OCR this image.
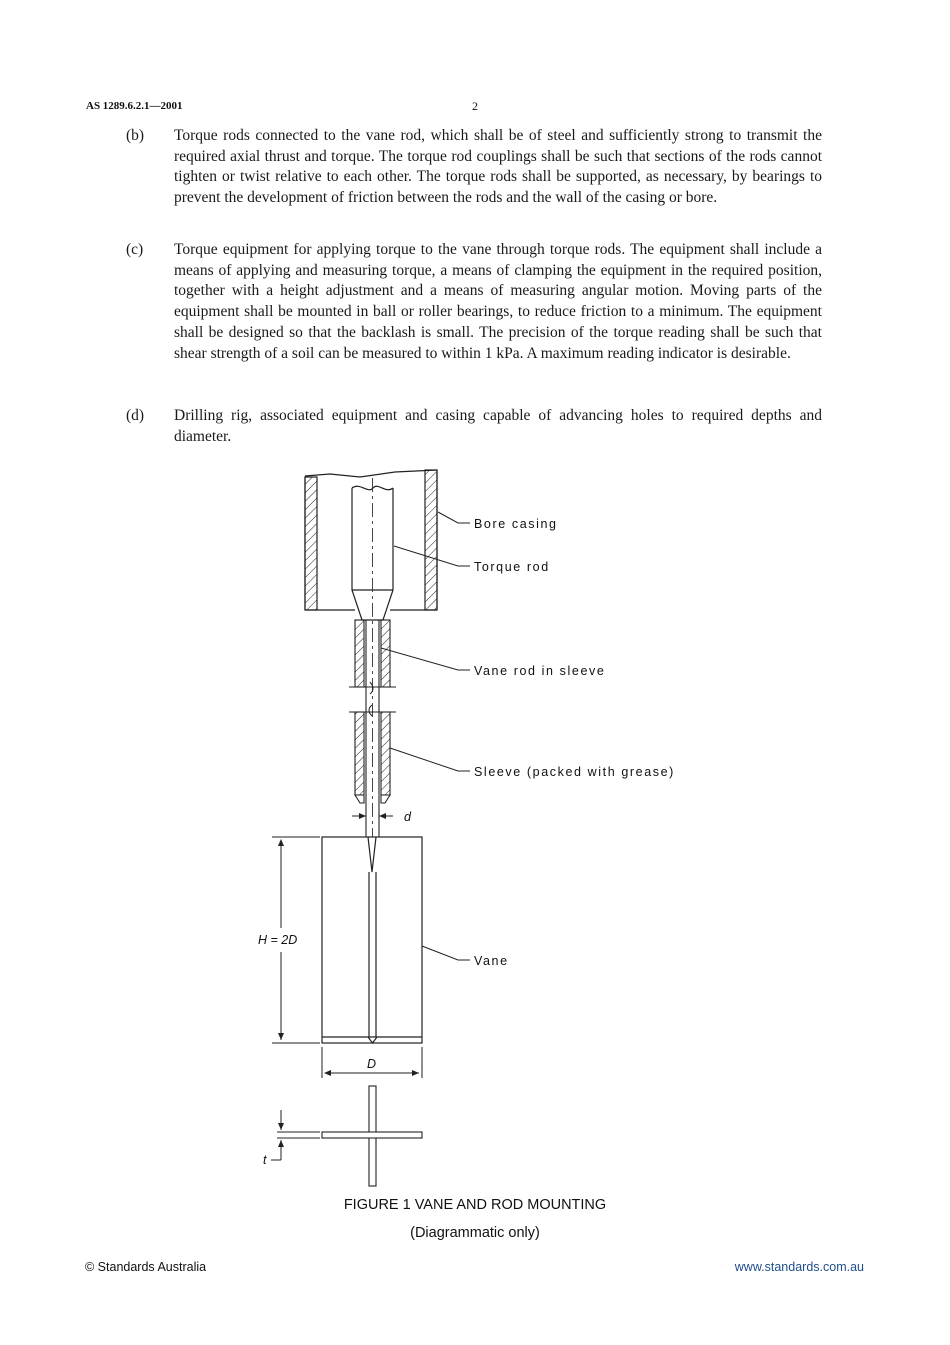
AS 1289.6.2.1—2001	2
(b)	Torque rods connected to the vane rod, which shall be of steel and sufficiently strong to transmit the required axial thrust and torque. The torque rod couplings shall be such that sections of the rods cannot tighten or twist relative to each other. The torque rods shall be supported, as necessary, by bearings to prevent the development of friction between the rods and the wall of the casing or bore.
(c)	Torque equipment for applying torque to the vane through torque rods. The equipment shall include a means of applying and measuring torque, a means of clamping the equipment in the required position, together with a height adjustment and a means of measuring angular motion. Moving parts of the equipment shall be mounted in ball or roller bearings, to reduce friction to a minimum. The equipment shall be designed so that the backlash is small. The precision of the torque reading shall be such that shear strength of a soil can be measured to within 1 kPa. A maximum reading indicator is desirable.
(d)	Drilling rig, associated equipment and casing capable of advancing holes to required depths and diameter.
d
H = 2D
D
t
Bore casing
Torque rod
Vane rod in sleeve
Sleeve (packed with grease)
Vane
FIGURE 1 VANE AND ROD MOUNTING
(Diagrammatic only)
© Standards Australia	www.standards.com.au
